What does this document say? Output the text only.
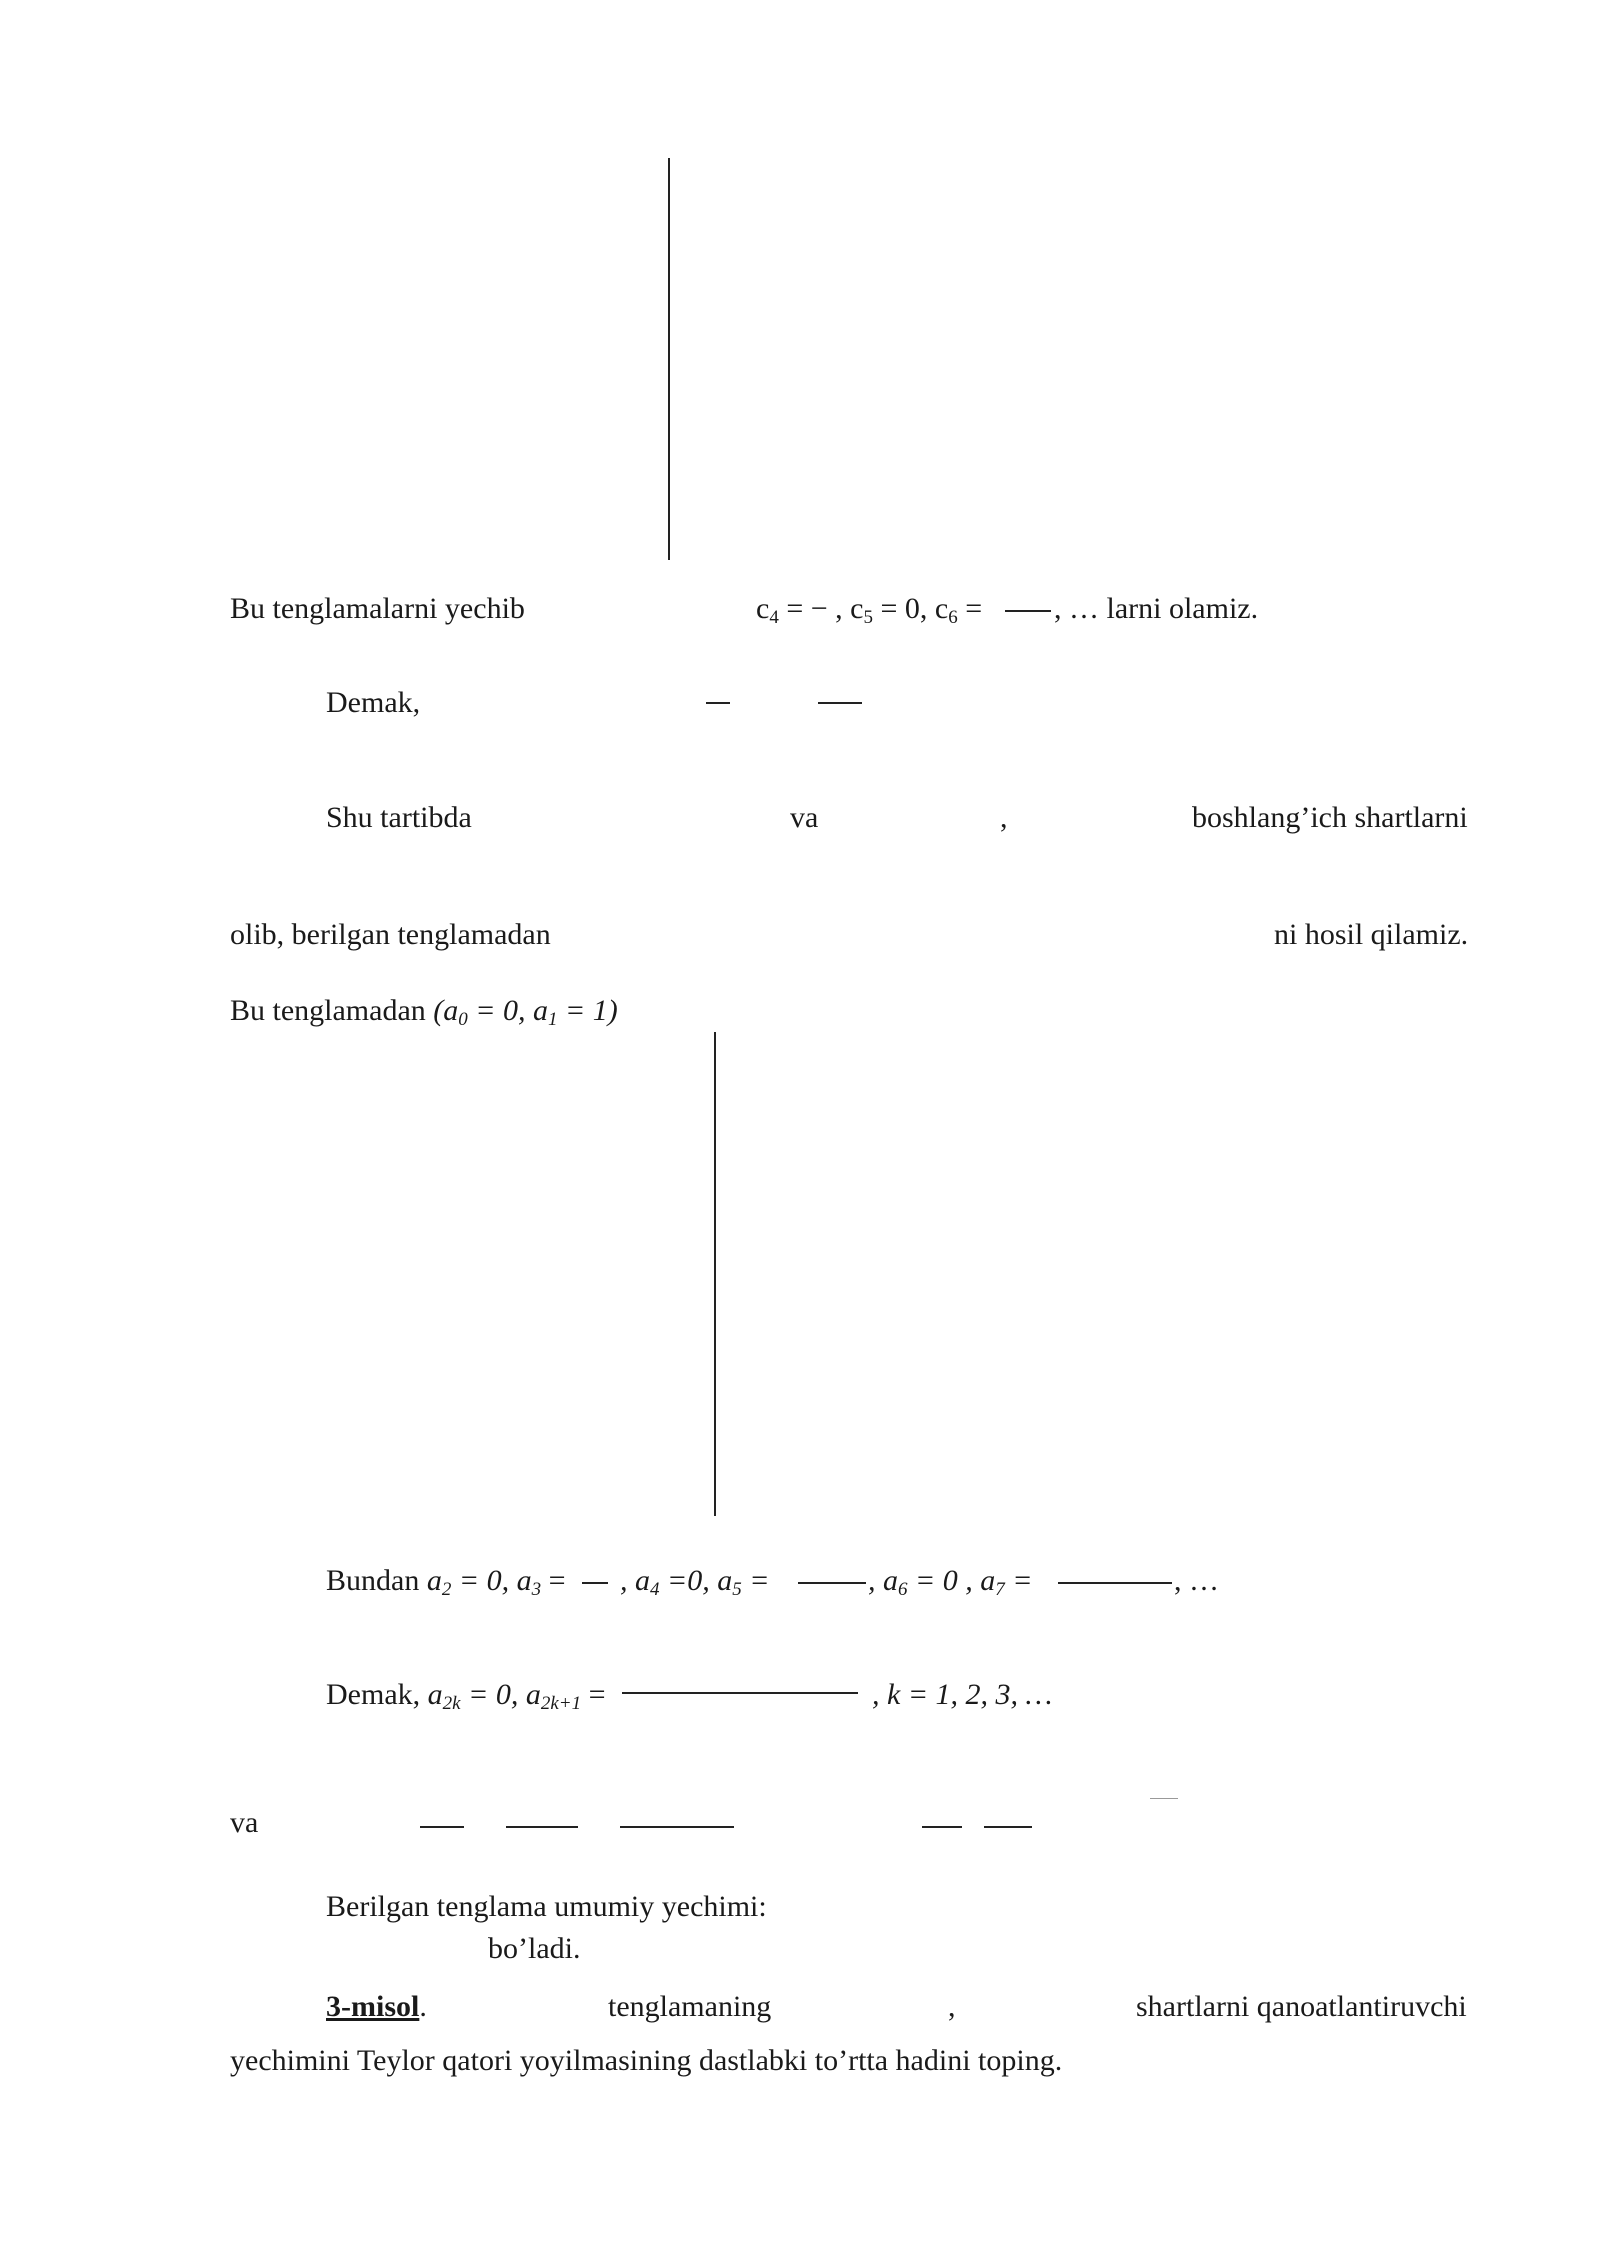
Bu tenglamalarni yechib	$c_4$ = − , $c_5 = 0$, $c_6$ = , … larni olamiz.
Demak,
Shu tartibda	va	,	boshlang’ich shartlarni
olib, berilgan tenglamadan	ni hosil qilamiz.
Bu tenglamadan ($a_0 = 0$, $a_1 = 1$)
Bundan $a_2 = 0$, $a_3$ = , $a_4 =0$, $a_5$ =	, $a_6 = 0$ , $a_7$ =	, …
Demak, $a_{2k} = 0$, $a_{2k+1}$ =	, k = 1, 2, 3, …
va
Berilgan tenglama umumiy yechimi:
bo’ladi.
3-misol.	tenglamaning	,	shartlarni qanoatlantiruvchi
yechimini Teylor qatori yoyilmasining dastlabki to’rtta hadini toping.
